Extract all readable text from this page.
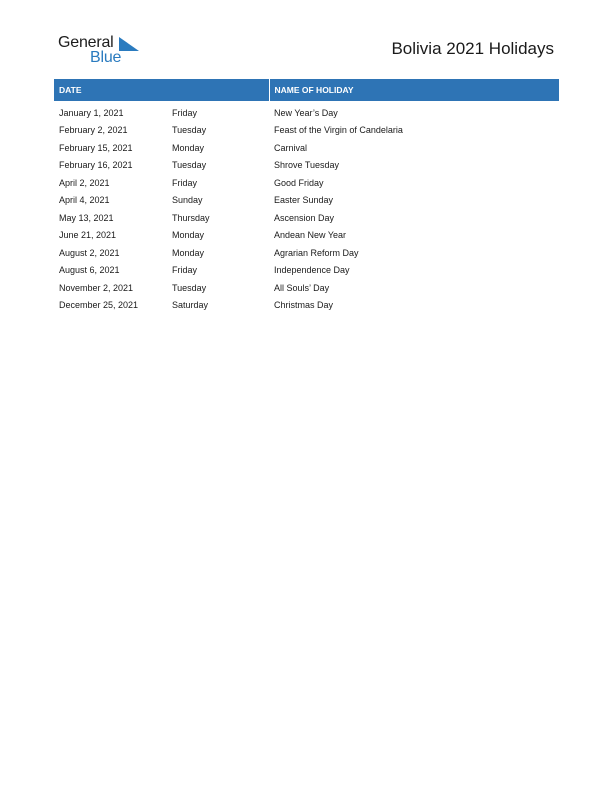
General
Blue	Bolivia 2021 Holidays
DATE	NAME OF HOLIDAY
January 1, 2021 Friday	New Year’s Day
February 2, 2021 Tuesday	Feast of the Virgin of Candelaria
February 15, 2021 Monday	Carnival
February 16, 2021 Tuesday	Shrove Tuesday
April 2, 2021 Friday	Good Friday
April 4, 2021 Sunday	Easter Sunday
May 13, 2021 Thursday	Ascension Day
June 21, 2021 Monday	Andean New Year
August 2, 2021 Monday	Agrarian Reform Day
August 6, 2021 Friday	Independence Day
November 2, 2021 Tuesday	All Souls’ Day
December 25, 2021 Saturday	Christmas Day
